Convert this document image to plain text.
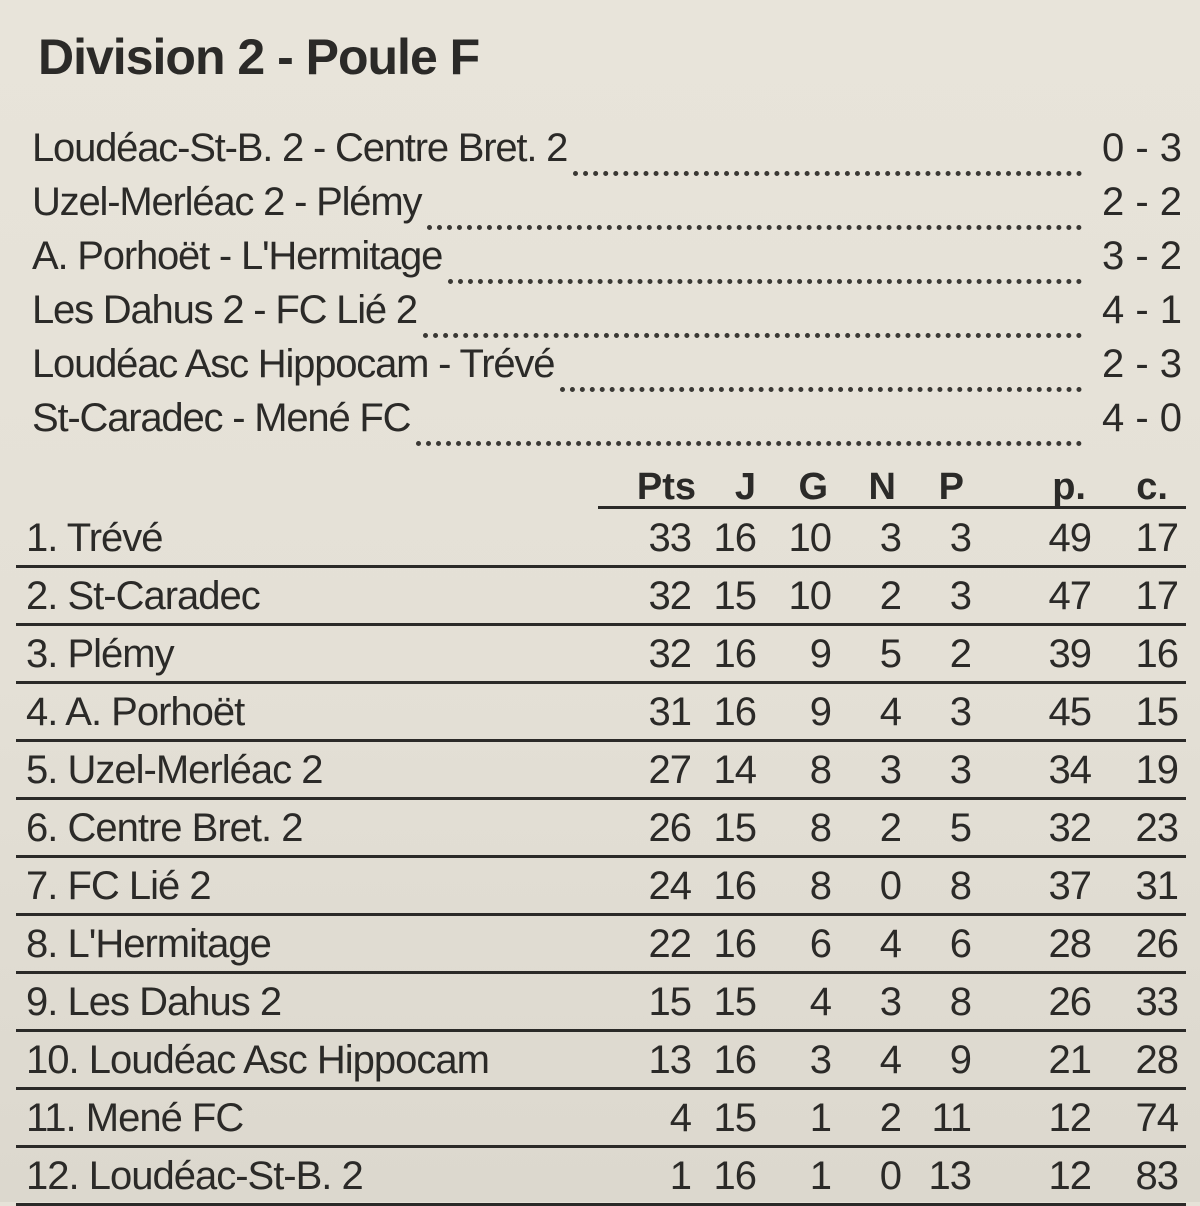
Division 2 - Poule F
Loudéac-St-B. 2 - Centre Bret. 2	0 - 3
Uzel-Merléac 2 - Plémy	2 - 2
A. Porhoët - L'Hermitage	3 - 2
Les Dahus 2 - FC Lié 2	4 - 1
Loudéac Asc Hippocam - Trévé	2 - 3
St-Caradec - Mené FC	4 - 0
Pts J G N P p. c.
1. Trévé	33 16 10 3 3 49 17
2. St-Caradec	32 15 10 2 3 47 17
3. Plémy	32 16 9 5 2 39 16
4. A. Porhoët	31 16 9 4 3 45 15
5. Uzel-Merléac 2	27 14 8 3 3 34 19
6. Centre Bret. 2	26 15 8 2 5 32 23
7. FC Lié 2	24 16 8 0 8 37 31
8. L'Hermitage	22 16 6 4 6 28 26
9. Les Dahus 2	15 15 4 3 8 26 33
10. Loudéac Asc Hippocam	13 16 3 4 9 21 28
11. Mené FC	4 15 1 2 11 12 74
12. Loudéac-St-B. 2	1 16 1 0 13 12 83
